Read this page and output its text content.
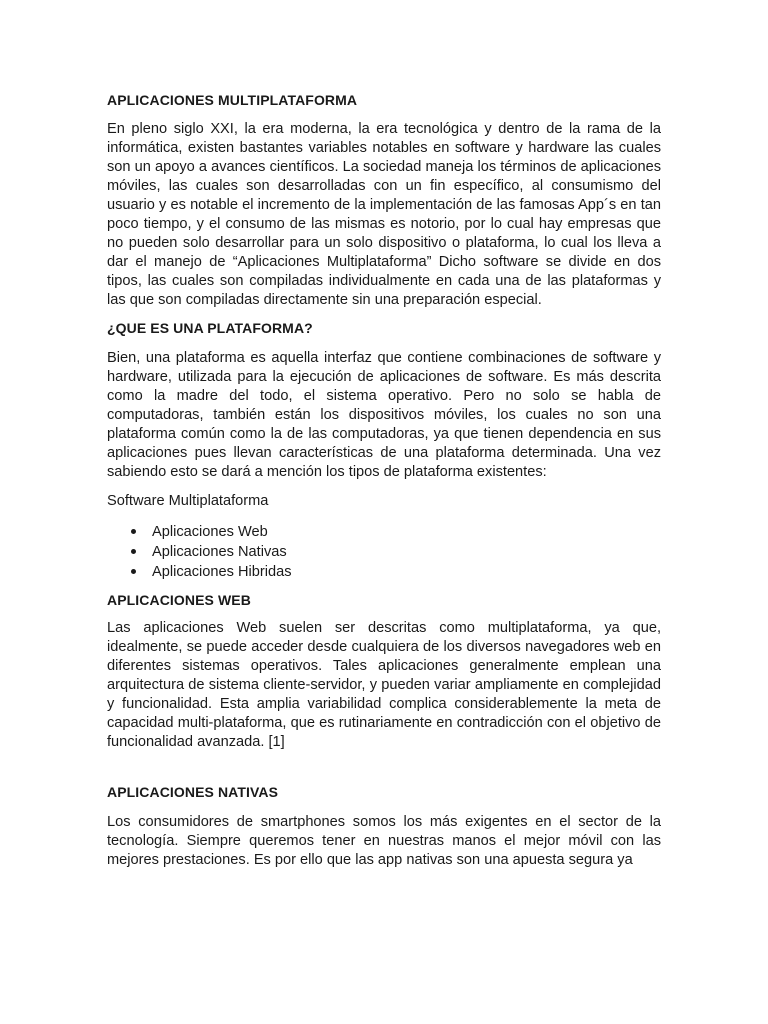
APLICACIONES MULTIPLATAFORMA

En pleno siglo XXI, la era moderna, la era tecnológica y dentro de la rama de la informática, existen bastantes variables notables en software y hardware las cuales son un apoyo a avances científicos. La sociedad maneja los términos de aplicaciones móviles, las cuales son desarrolladas con un fin específico, al consumismo del usuario y es notable el incremento de la implementación de las famosas App´s en tan poco tiempo, y el consumo de las mismas es notorio, por lo cual hay empresas que no pueden solo desarrollar para un solo dispositivo o plataforma, lo cual los lleva a dar el manejo de “Aplicaciones Multiplataforma” Dicho software se divide en dos tipos, las cuales son compiladas individualmente en cada una de las plataformas y las que son compiladas directamente sin una preparación especial.

¿QUE ES UNA PLATAFORMA?

Bien, una plataforma es aquella interfaz que contiene combinaciones de software y hardware, utilizada para la ejecución de aplicaciones de software. Es más descrita como la madre del todo, el sistema operativo. Pero no solo se habla de computadoras, también están los dispositivos móviles, los cuales no son una plataforma común como la de las computadoras, ya que tienen dependencia en sus aplicaciones pues llevan características de una plataforma determinada. Una vez sabiendo esto se dará a mención los tipos de plataforma existentes:

Software Multiplataforma

Aplicaciones Web
Aplicaciones Nativas
Aplicaciones Hibridas
APLICACIONES WEB

Las aplicaciones Web suelen ser descritas como multiplataforma, ya que, idealmente, se puede acceder desde cualquiera de los diversos navegadores web en diferentes sistemas operativos. Tales aplicaciones generalmente emplean una arquitectura de sistema cliente-servidor, y pueden variar ampliamente en complejidad y funcionalidad. Esta amplia variabilidad complica considerablemente la meta de capacidad multi-plataforma, que es rutinariamente en contradicción con el objetivo de funcionalidad avanzada. [1]

APLICACIONES NATIVAS

Los consumidores de smartphones somos los más exigentes en el sector de la tecnología. Siempre queremos tener en nuestras manos el mejor móvil con las mejores prestaciones. Es por ello que las app nativas son una apuesta segura ya
